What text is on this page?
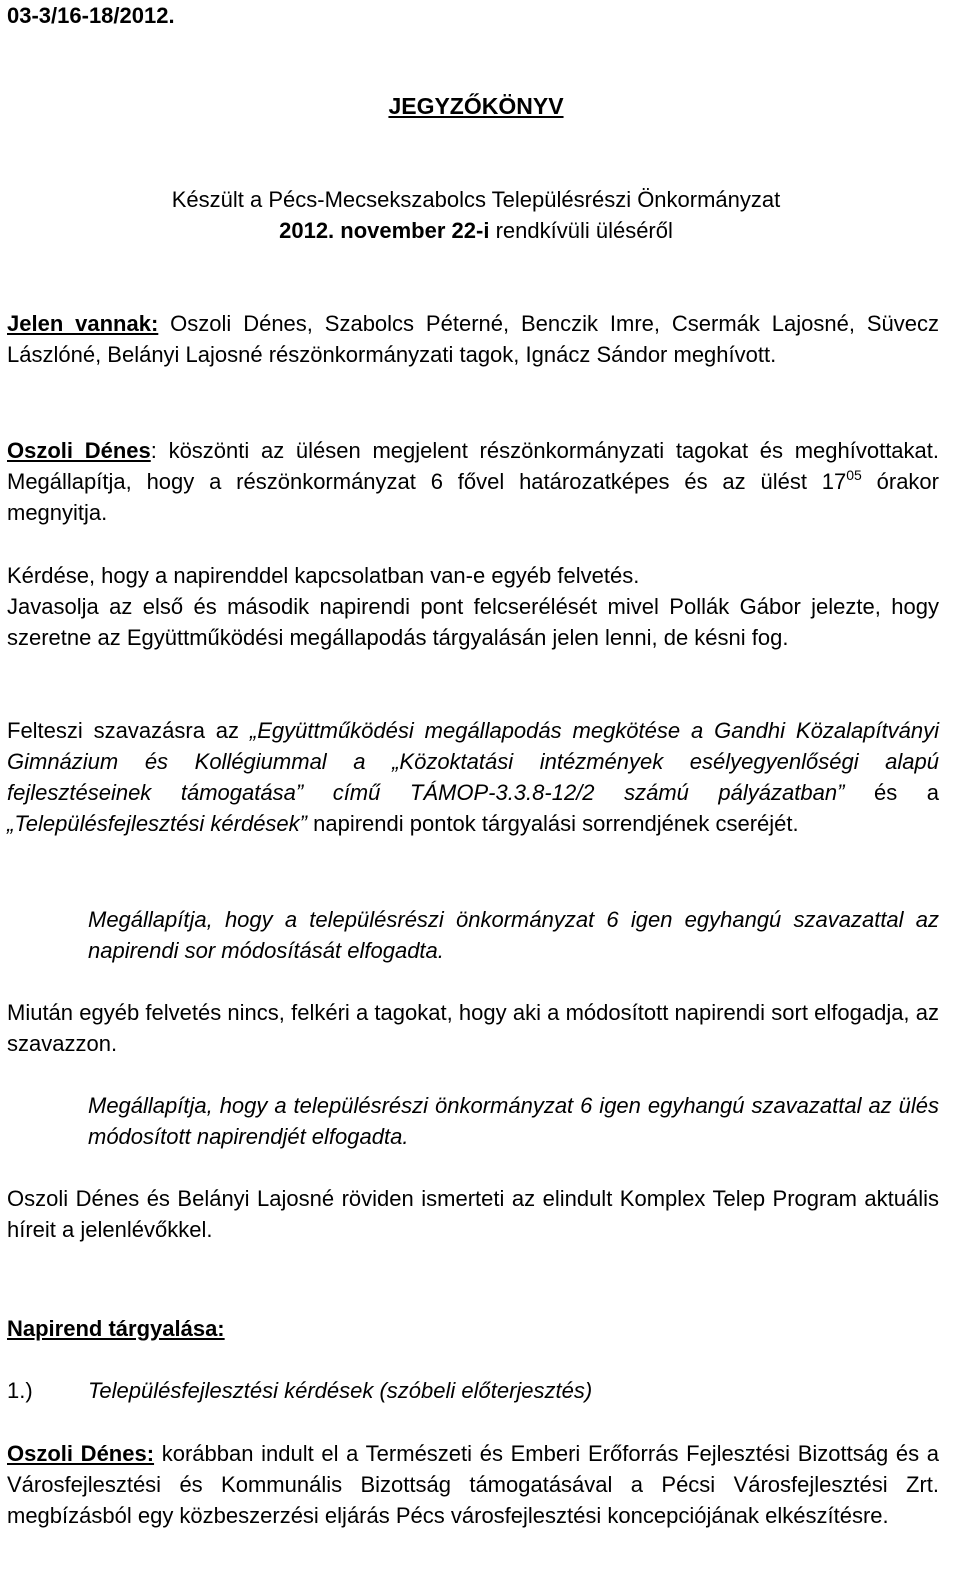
03-3/16-18/2012.
JEGYZŐKÖNYV
Készült a Pécs-Mecsekszabolcs Településrészi Önkormányzat
2012. november 22-i rendkívüli üléséről

Jelen vannak: Oszoli Dénes, Szabolcs Péterné, Benczik Imre, Csermák Lajosné, Süvecz Lászlóné, Belányi Lajosné részönkormányzati tagok, Ignácz Sándor meghívott.

Oszoli Dénes: köszönti az ülésen megjelent részönkormányzati tagokat és meghívottakat. Megállapítja, hogy a részönkormányzat 6 fővel határozatképes és az ülést $17^{05}$ órakor megnyitja.

Kérdése, hogy a napirenddel kapcsolatban van-e egyéb felvetés.

Javasolja az első és második napirendi pont felcserélését mivel Pollák Gábor jelezte, hogy szeretne az Együttműködési megállapodás tárgyalásán jelen lenni, de késni fog.

Felteszi szavazásra az „Együttműködési megállapodás megkötése a Gandhi Közalapítványi Gimnázium és Kollégiummal a „Közoktatási intézmények esélyegyenlőségi alapú fejlesztéseinek támogatása” című TÁMOP-3.3.8-12/2 számú pályázatban” és a „Településfejlesztési kérdések” napirendi pontok tárgyalási sorrendjének cseréjét.

Megállapítja, hogy a településrészi önkormányzat 6 igen egyhangú szavazattal az napirendi sor módosítását elfogadta.
Miután egyéb felvetés nincs, felkéri a tagokat, hogy aki a módosított napirendi sort elfogadja, az szavazzon.
Megállapítja, hogy a településrészi önkormányzat 6 igen egyhangú szavazattal az ülés módosított napirendjét elfogadta.
Oszoli Dénes és Belányi Lajosné röviden ismerteti az elindult Komplex Telep Program aktuális híreit a jelenlévőkkel.
Napirend tárgyalása:
1.)	Településfejlesztési kérdések (szóbeli előterjesztés)

Oszoli Dénes: korábban indult el a Természeti és Emberi Erőforrás Fejlesztési Bizottság és a Városfejlesztési és Kommunális Bizottság támogatásával a Pécsi Városfejlesztési Zrt. megbízásból egy közbeszerzési eljárás Pécs városfejlesztési koncepciójának elkészítésre.
